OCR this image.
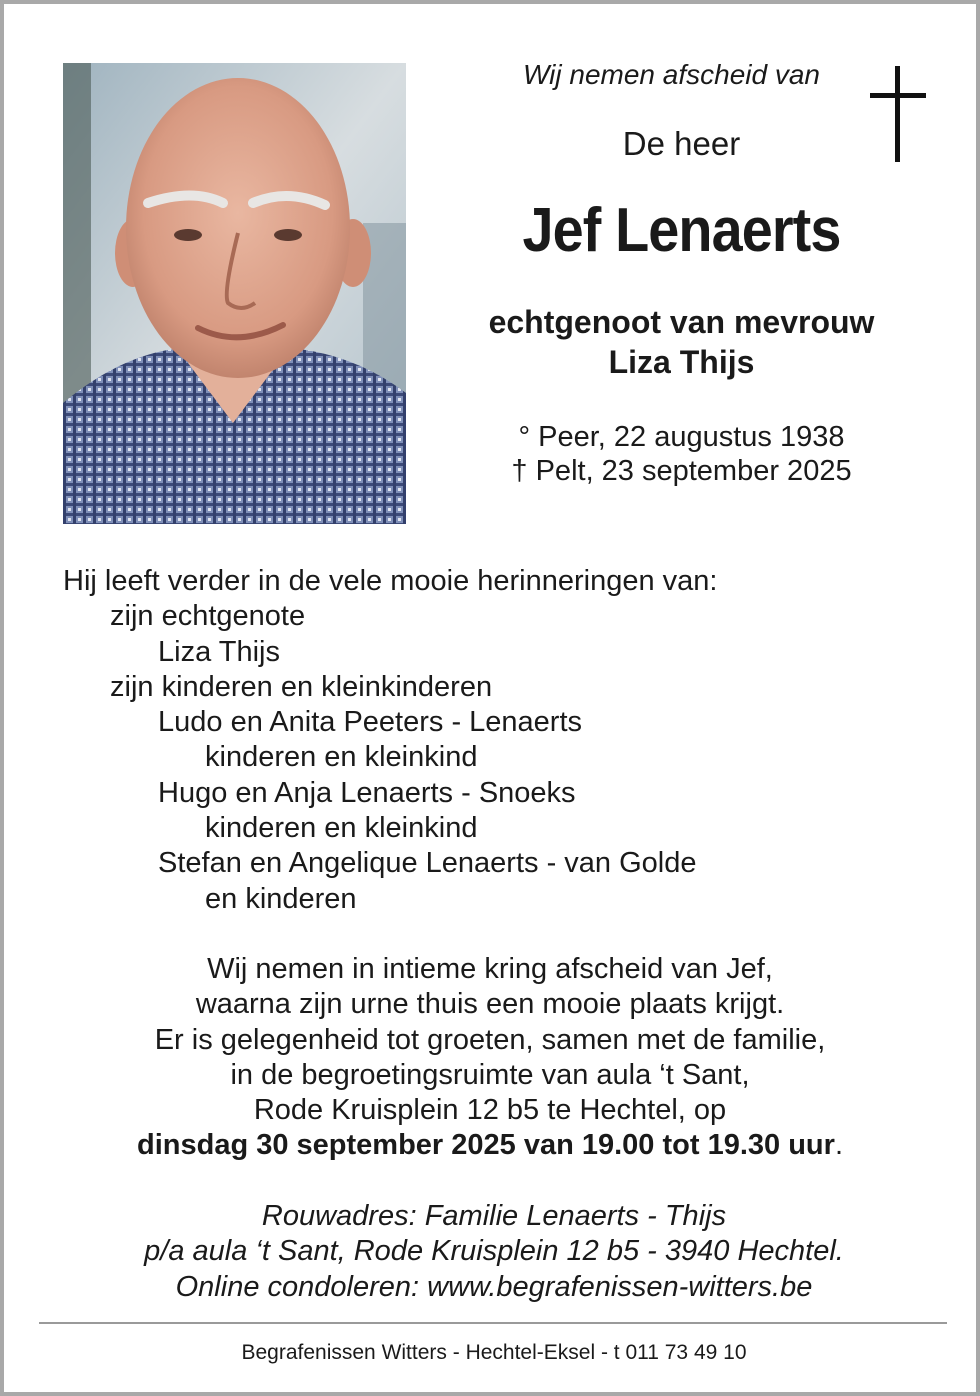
Wij nemen afscheid van

De heer
Jef Lenaerts
echtgenoot van mevrouw
Liza Thijs
° Peer, 22 augustus 1938
† Pelt, 23 september 2025
Hij leeft verder in de vele mooie herinneringen van:
zijn echtgenote
Liza Thijs
zijn kinderen en kleinkinderen
Ludo en Anita Peeters - Lenaerts
kinderen en kleinkind
Hugo en Anja Lenaerts - Snoeks
kinderen en kleinkind
Stefan en Angelique Lenaerts - van Golde
en kinderen
Wij nemen in intieme kring afscheid van Jef,
waarna zijn urne thuis een mooie plaats krijgt.
Er is gelegenheid tot groeten, samen met de familie,
in de begroetingsruimte van aula ‘t Sant,
Rode Kruisplein 12 b5 te Hechtel, op
dinsdag 30 september 2025 van 19.00 tot 19.30 uur.
Rouwadres: Familie Lenaerts - Thijs
p/a aula ‘t Sant, Rode Kruisplein 12 b5 - 3940 Hechtel.
Online condoleren: www.begrafenissen-witters.be
Begrafenissen Witters - Hechtel-Eksel - t 011 73 49 10
